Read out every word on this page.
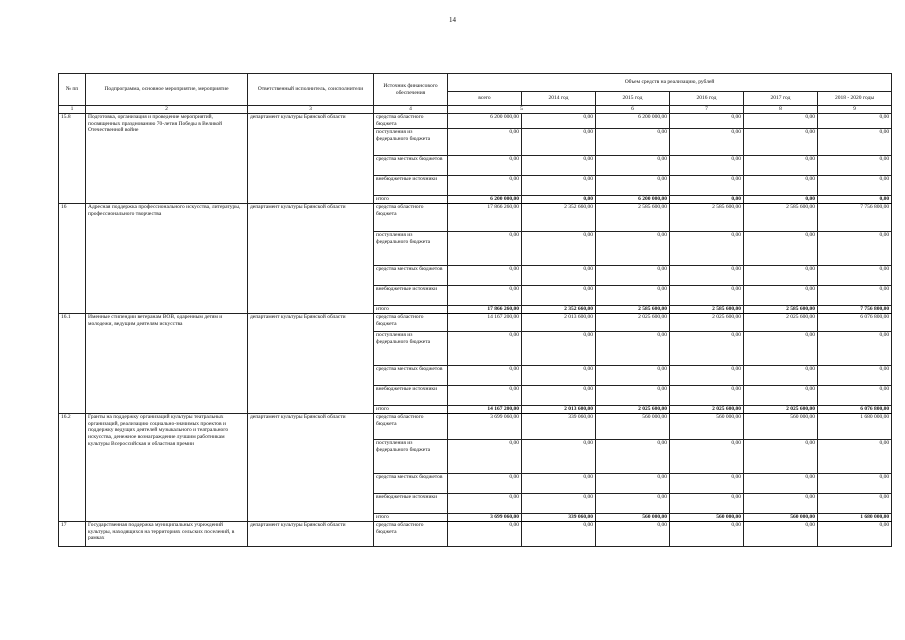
14
№ пп	Подпрограмма, основное мероприятие, мероприятие	Ответственный исполнитель, соисполнители	Источник финансового обеспечения	Объем средств на реализацию, рублей					
				всего	2014 год	2015 год	2016 год	2017 год	2018 - 2020 годы
1	2	3	4	5		6	7	8	9
15.8	Подготовка, организация и проведение мероприятий, посвященных празднованию 70-летия Победы в Великой Отечественной войне	департамент культуры Брянской области	средства областного бюджета	6 200 000,00	0,00	6 200 000,00	0,00	0,00	0,00
			поступления из федерального бюджета	0,00	0,00	0,00	0,00	0,00	0,00
			средства местных бюджетов	0,00	0,00	0,00	0,00	0,00	0,00
			внебюджетные источники	0,00	0,00	0,00	0,00	0,00	0,00
			итого	6 200 000,00	0,00	6 200 000,00	0,00	0,00	0,00
16	Адресная поддержка профессионального искусства, литературы, профессионального творчества	департамент культуры Брянской области	средства областного бюджета	17 866 260,00	2 352 660,00	2 585 600,00	2 585 600,00	2 585 600,00	7 756 800,00
			поступления из федерального бюджета	0,00	0,00	0,00	0,00	0,00	0,00
			средства местных бюджетов	0,00	0,00	0,00	0,00	0,00	0,00
			внебюджетные источники	0,00	0,00	0,00	0,00	0,00	0,00
			итого	17 866 260,00	2 352 660,00	2 585 600,00	2 585 600,00	2 585 600,00	7 756 800,00
16.1	Именные стипендии ветеранам ВОВ, одаренным детям и молодежи, ведущим деятелям искусства	департамент культуры Брянской области	средства областного бюджета	14 167 200,00	2 013 600,00	2 025 600,00	2 025 600,00	2 025 600,00	6 076 800,00
			поступления из федерального бюджета	0,00	0,00	0,00	0,00	0,00	0,00
			средства местных бюджетов	0,00	0,00	0,00	0,00	0,00	0,00
			внебюджетные источники	0,00	0,00	0,00	0,00	0,00	0,00
			итого	14 167 200,00	2 013 600,00	2 025 600,00	2 025 600,00	2 025 600,00	6 076 800,00
16.2	Гранты на поддержку организаций культуры театральных организаций, реализацию социально-значимых проектов и поддержку ведущих деятелей музыкального и театрального искусства, денежное вознаграждение лучшим работникам культуры Всероссийская и областная премии	департамент культуры Брянской области	средства областного бюджета	3 699 060,00	339 060,00	560 000,00	560 000,00	560 000,00	1 680 000,00
			поступления из федерального бюджета	0,00	0,00	0,00	0,00	0,00	0,00
			средства местных бюджетов	0,00	0,00	0,00	0,00	0,00	0,00
			внебюджетные источники	0,00	0,00	0,00	0,00	0,00	0,00
			итого	3 699 060,00	339 060,00	560 000,00	560 000,00	560 000,00	1 680 000,00
17	Государственная поддержка муниципальных учреждений культуры, находящихся на территориях сельских поселений, в рамках	департамент культуры Брянской области	средства областного бюджета	0,00	0,00	0,00	0,00	0,00	0,00
